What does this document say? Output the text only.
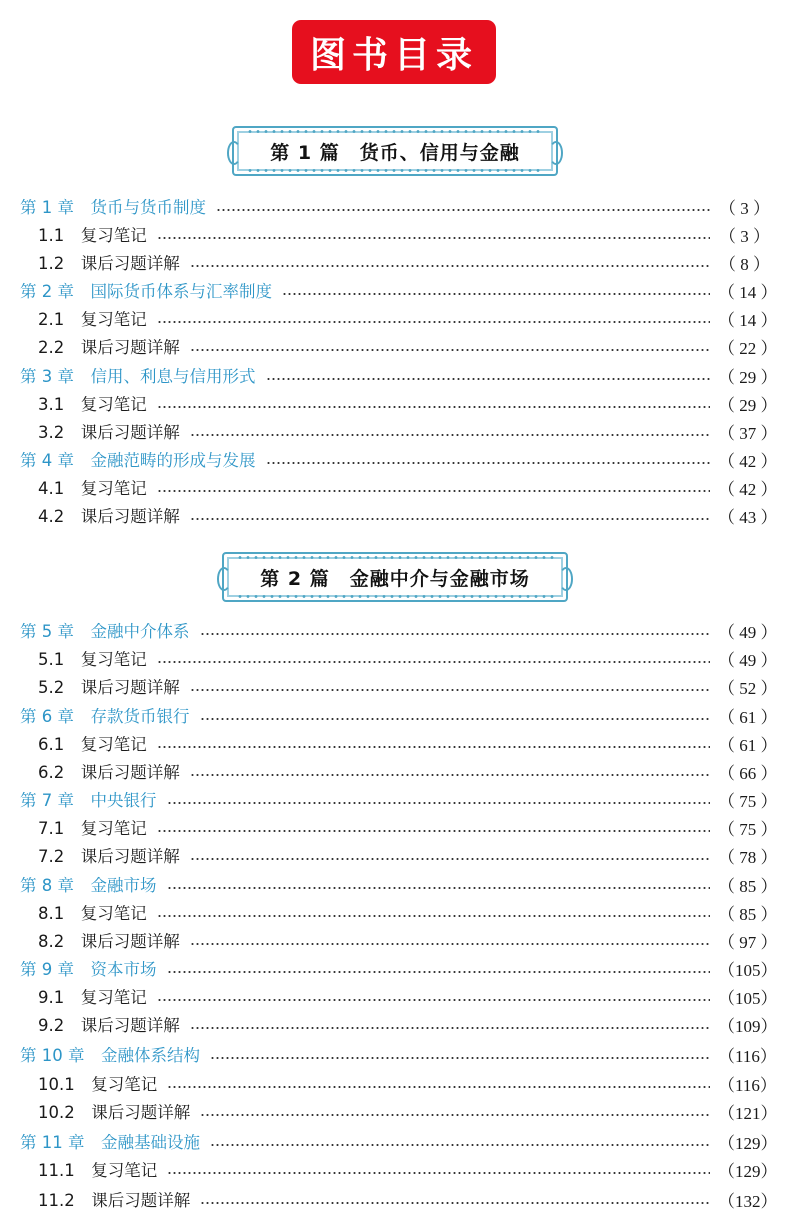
图书目录
第 1 篇　货币、信用与金融
第 1 章　货币与货币制度	（ 3 ）
1.1　复习笔记	（ 3 ）
1.2　课后习题详解	（ 8 ）
第 2 章　国际货币体系与汇率制度	（ 14 ）
2.1　复习笔记	（ 14 ）
2.2　课后习题详解	（ 22 ）
第 3 章　信用、利息与信用形式	（ 29 ）
3.1　复习笔记	（ 29 ）
3.2　课后习题详解	（ 37 ）
第 4 章　金融范畴的形成与发展	（ 42 ）
4.1　复习笔记	（ 42 ）
4.2　课后习题详解	（ 43 ）
第 2 篇　金融中介与金融市场
第 5 章　金融中介体系	（ 49 ）
5.1　复习笔记	（ 49 ）
5.2　课后习题详解	（ 52 ）
第 6 章　存款货币银行	（ 61 ）
6.1　复习笔记	（ 61 ）
6.2　课后习题详解	（ 66 ）
第 7 章　中央银行	（ 75 ）
7.1　复习笔记	（ 75 ）
7.2　课后习题详解	（ 78 ）
第 8 章　金融市场	（ 85 ）
8.1　复习笔记	（ 85 ）
8.2　课后习题详解	（ 97 ）
第 9 章　资本市场	（105）
9.1　复习笔记	（105）
9.2　课后习题详解	（109）
第 10 章　金融体系结构	（116）
10.1　复习笔记	（116）
10.2　课后习题详解	（121）
第 11 章　金融基础设施	（129）
11.1　复习笔记	（129）
11.2　课后习题详解	（132）
